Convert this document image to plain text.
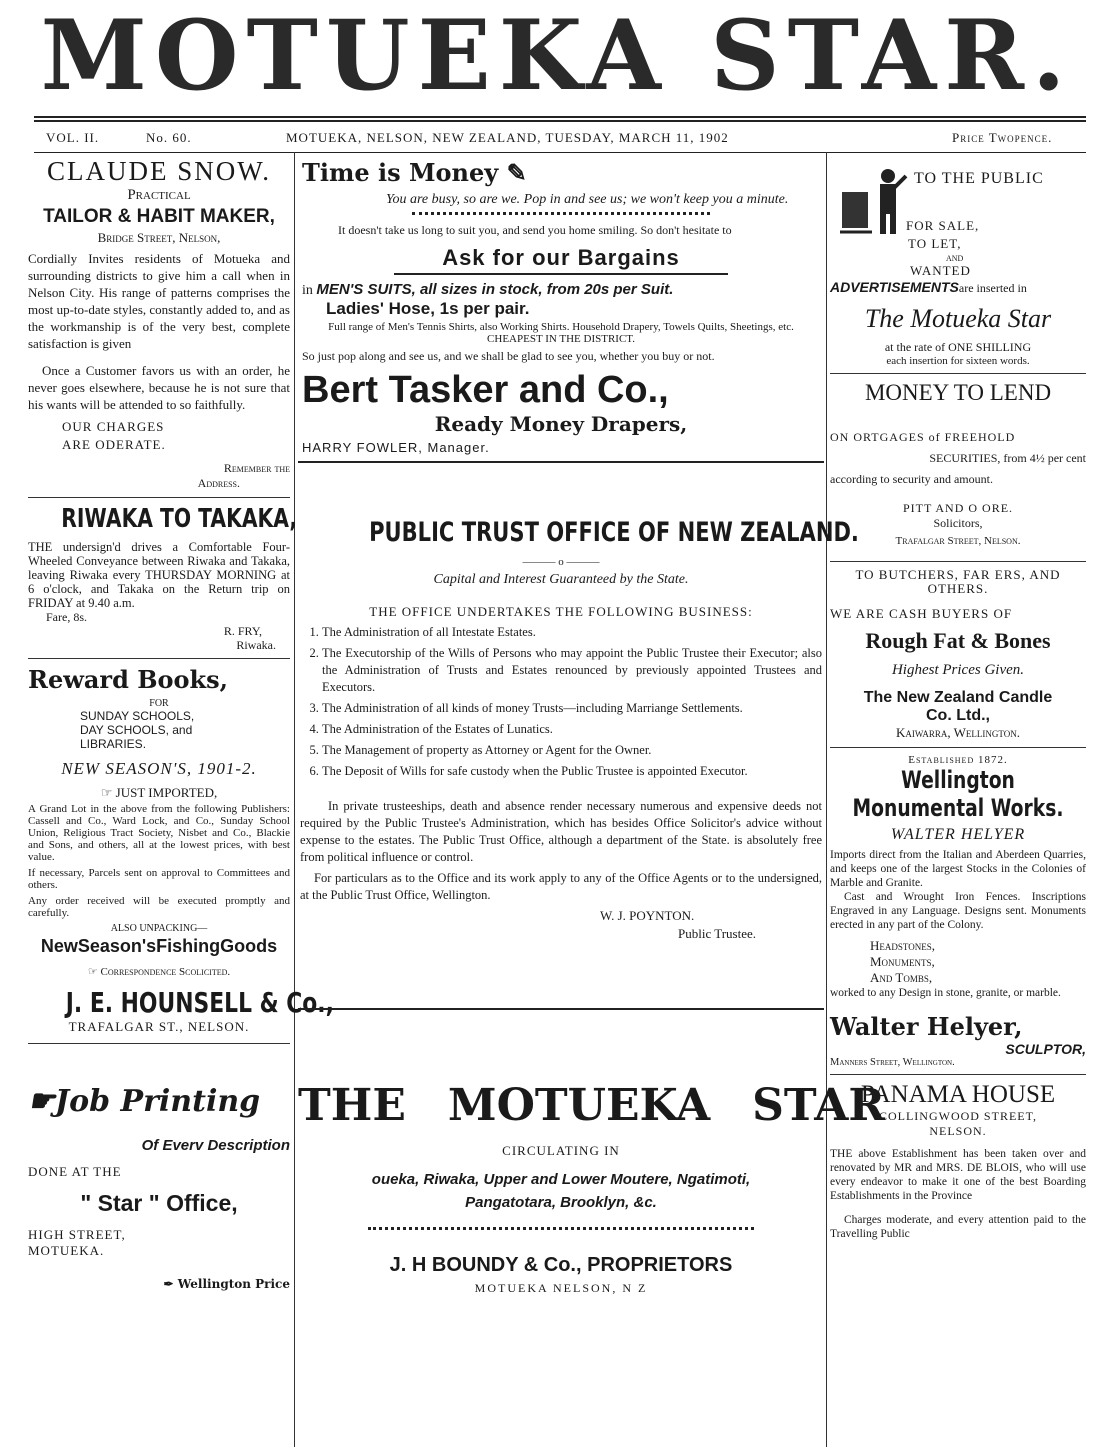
MOTUEKA STAR.
VOL. II.	No. 60.	MOTUEKA, NELSON, NEW ZEALAND, TUESDAY, MARCH 11, 1902	Price Twopence.

CLAUDE SNOW.

Practical

TAILOR & HABIT MAKER,

Bridge Street, Nelson,

Cordially Invites residents of Motueka and surrounding districts to give him a call when in Nelson City. His range of patterns comprises the most up-to-date styles, constantly added to, and as the workmanship is of the very best, complete satisfaction is given

Once a Customer favors us with an order, he never goes elsewhere, because he is not sure that his wants will be attended to so faithfully.

OUR CHARGES

ARE ODERATE.

Remember the

Address.

RIWAKA TO TAKAKA,

THE undersign'd drives a Comfortable Four-Wheeled Conveyance between Riwaka and Takaka, leaving Riwaka every THURSDAY MORNING at 6 o'clock, and Takaka on the Return trip on FRIDAY at 9.40 a.m.

Fare, 8s.

R. FRY,

Riwaka.

Reward Books,

FOR

SUNDAY SCHOOLS,

DAY SCHOOLS, and

LIBRARIES.

NEW SEASON'S, 1901-2.

☞ JUST IMPORTED,

A Grand Lot in the above from the following Publishers: Cassell and Co., Ward Lock, and Co., Sunday School Union, Religious Tract Society, Nisbet and Co., Blackie and Sons, and others, all at the lowest prices, with best value.

If necessary, Parcels sent on approval to Committees and others.

Any order received will be executed promptly and carefully.

ALSO UNPACKING—

NewSeason'sFishingGoods

☞ Correspondence Scolicited.

J. E. HOUNSELL & Co.,

TRAFALGAR ST., NELSON.

☛Job Printing

Of Everv Description

DONE AT THE

" Star " Office,

HIGH STREET,

MOTUEKA.

✒ Wellington Price

Time is Money ✎

You are busy, so are we. Pop in and see us; we won't keep you a minute.

It doesn't take us long to suit you, and send you home smiling. So don't hesitate to

Ask for our Bargains

in MEN'S SUITS, all sizes in stock, from 20s per Suit.

Ladies' Hose, 1s per pair.

Full range of Men's Tennis Shirts, also Working Shirts. Household Drapery, Towels Quilts, Sheetings, etc. CHEAPEST IN THE DISTRICT.

So just pop along and see us, and we shall be glad to see you, whether you buy or not.

Bert Tasker and Co.,

Ready Money Drapers,

HARRY FOWLER, Manager.

PUBLIC TRUST OFFICE OF NEW ZEALAND.

——— o ———

Capital and Interest Guaranteed by the State.

THE OFFICE UNDERTAKES THE FOLLOWING BUSINESS:

1. The Administration of all Intestate Estates.
2. The Executorship of the Wills of Persons who may appoint the Public Trustee their Executor; also the Administration of Trusts and Estates renounced by previously appointed Trustees and Executors.
3. The Administration of all kinds of money Trusts—including Marriange Settlements.
4. The Administration of the Estates of Lunatics.
5. The Management of property as Attorney or Agent for the Owner.
6. The Deposit of Wills for safe custody when the Public Trustee is appointed Executor.

In private trusteeships, death and absence render necessary numerous and expensive deeds not required by the Public Trustee's Administration, which has besides Office Solicitor's advice without expense to the estates. The Public Trust Office, although a department of the State. is absolutely free from political influence or control.

For particulars as to the Office and its work apply to any of the Office Agents or to the undersigned, at the Public Trust Office, Wellington.

W. J. POYNTON.

Public Trustee.

THE MOTUEKA STAR

CIRCULATING IN

oueka, Riwaka, Upper and Lower Moutere, Ngatimoti,

Pangatotara, Brooklyn, &c.

J. H BOUNDY & Co., PROPRIETORS

MOTUEKA NELSON, N Z

TO THE PUBLIC

FOR SALE,

TO LET,

AND

WANTED

ADVERTISEMENTSare inserted in

The Motueka Star

at the rate of ONE SHILLING

each insertion for sixteen words.

MONEY TO LEND

ON ORTGAGES of FREEHOLD

SECURITIES, from 4½ per cent

according to security and amount.

PITT AND O ORE.

Solicitors,

Trafalgar Street, Nelson.

TO BUTCHERS, FAR ERS, AND OTHERS.

WE ARE CASH BUYERS OF

Rough Fat & Bones

Highest Prices Given.

The New Zealand Candle

Co. Ltd.,

Kaiwarra, Wellington.

Established 1872.

Wellington Monumental Works.

WALTER HELYER

Imports direct from the Italian and Aberdeen Quarries, and keeps one of the largest Stocks in the Colonies of Marble and Granite.

Cast and Wrought Iron Fences. Inscriptions Engraved in any Language. Designs sent. Monuments erected in any part of the Colony.

Headstones,

Monuments,

And Tombs,

worked to any Design in stone, granite, or marble.

Walter Helyer,

SCULPTOR,

Manners Street, Wellington.

PANAMA HOUSE

COLLINGWOOD STREET,

NELSON.

THE above Establishment has been taken over and renovated by MR and MRS. DE BLOIS, who will use every endeavor to make it one of the best Boarding Establishments in the Province

Charges moderate, and every attention paid to the Travelling Public
